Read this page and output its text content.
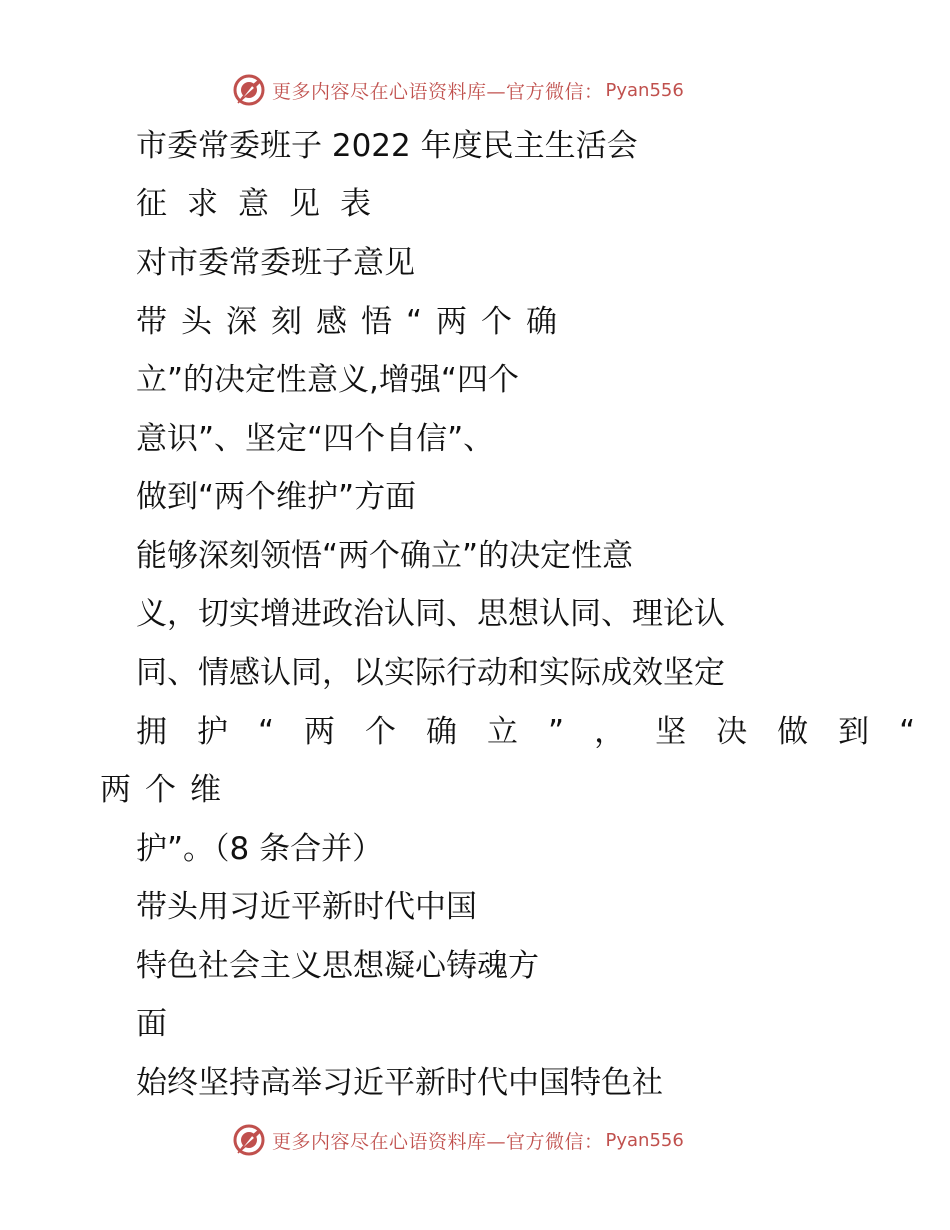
更多内容尽在心语资料库—官方微信： Pyan556
市委常委班子 2022 年度民主生活会
征求意见表
对市委常委班子意见
带头深刻感悟“两个确
立”的决定性意义,增强“四个
意识”、坚定“四个自信”、
做到“两个维护”方面
能够深刻领悟“两个确立”的决定性意
义，切实增进政治认同、思想认同、理论认
同、情感认同，以实际行动和实际成效坚定
拥护“两个确立”，坚决做到“
两个维
护”。（8 条合并）
带头用习近平新时代中国
特色社会主义思想凝心铸魂方
面
始终坚持高举习近平新时代中国特色社
更多内容尽在心语资料库—官方微信： Pyan556
